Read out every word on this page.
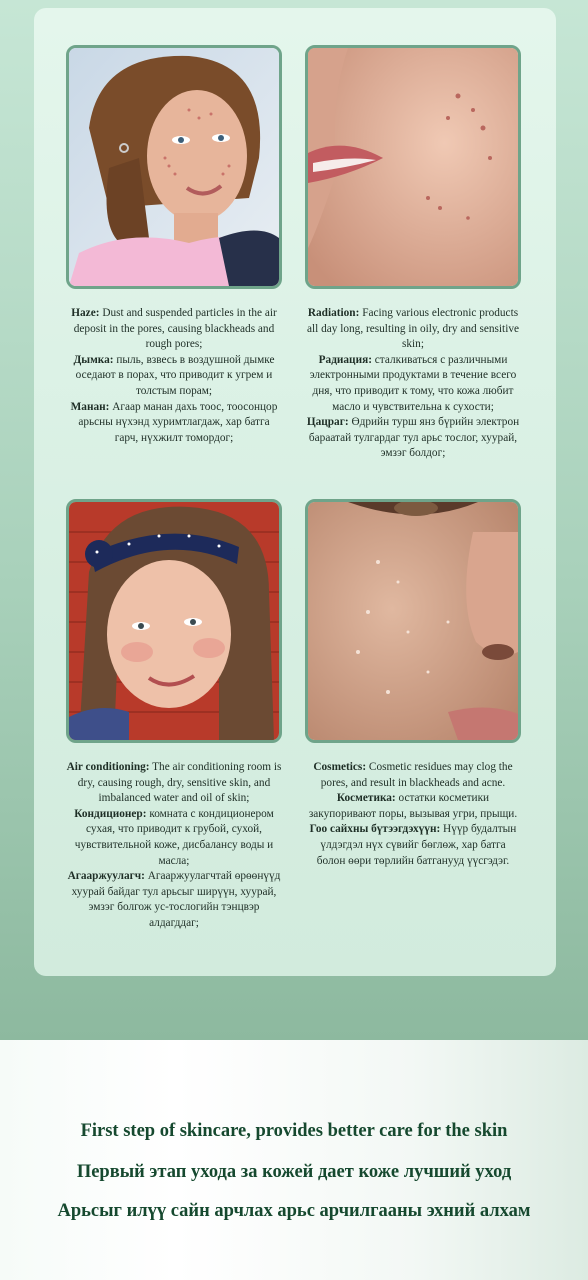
Haze: Dust and suspended particles in the air deposit in the pores, causing blackheads and rough pores;

Дымка: пыль, взвесь в воздушной дымке оседают в порах, что приводит к угрем и толстым порам;

Манан: Агаар манан дахь тоос, тоосонцор арьсны нүхэнд хуримтлагдаж, хар батга гарч, нүхжилт томордог;

Radiation: Facing various electronic products all day long, resulting in oily, dry and sensitive skin;

Радиация: сталкиваться с различными электронными продуктами в течение всего дня, что приводит к тому, что кожа любит масло и чувствительна к сухости;

Цацраг: Өдрийн турш янз бүрийн электрон бараатай тулгардаг тул арьс тослог, хуурай, эмзэг болдог;

Air conditioning: The air conditioning room is dry, causing rough, dry, sensitive skin, and imbalanced water and oil of skin;

Кондиционер: комната с кондиционером сухая, что приводит к грубой, сухой, чувствительной коже, дисбалансу воды и масла;

Агааржуулагч: Агааржуулагчтай өрөөнүүд хуурай байдаг тул арьсыг ширүүн, хуурай, эмзэг болгож ус-тослогийн тэнцвэр алдагддаг;

Cosmetics: Cosmetic residues may clog the pores, and result in blackheads and acne.

Косметика: остатки косметики закупоривают поры, вызывая угри, прыщи.

Гоо сайхны бүтээгдэхүүн: Нүүр будалтын үлдэгдэл нүх сүвийг бөглөж, хар батга болон өөри төрлийн батганууд үүсгэдэг.

First step of skincare, provides better care for the skin
Первый этап ухода за кожей дает коже лучший уход
Арьсыг илүү сайн арчлах арьс арчилгааны эхний алхам
